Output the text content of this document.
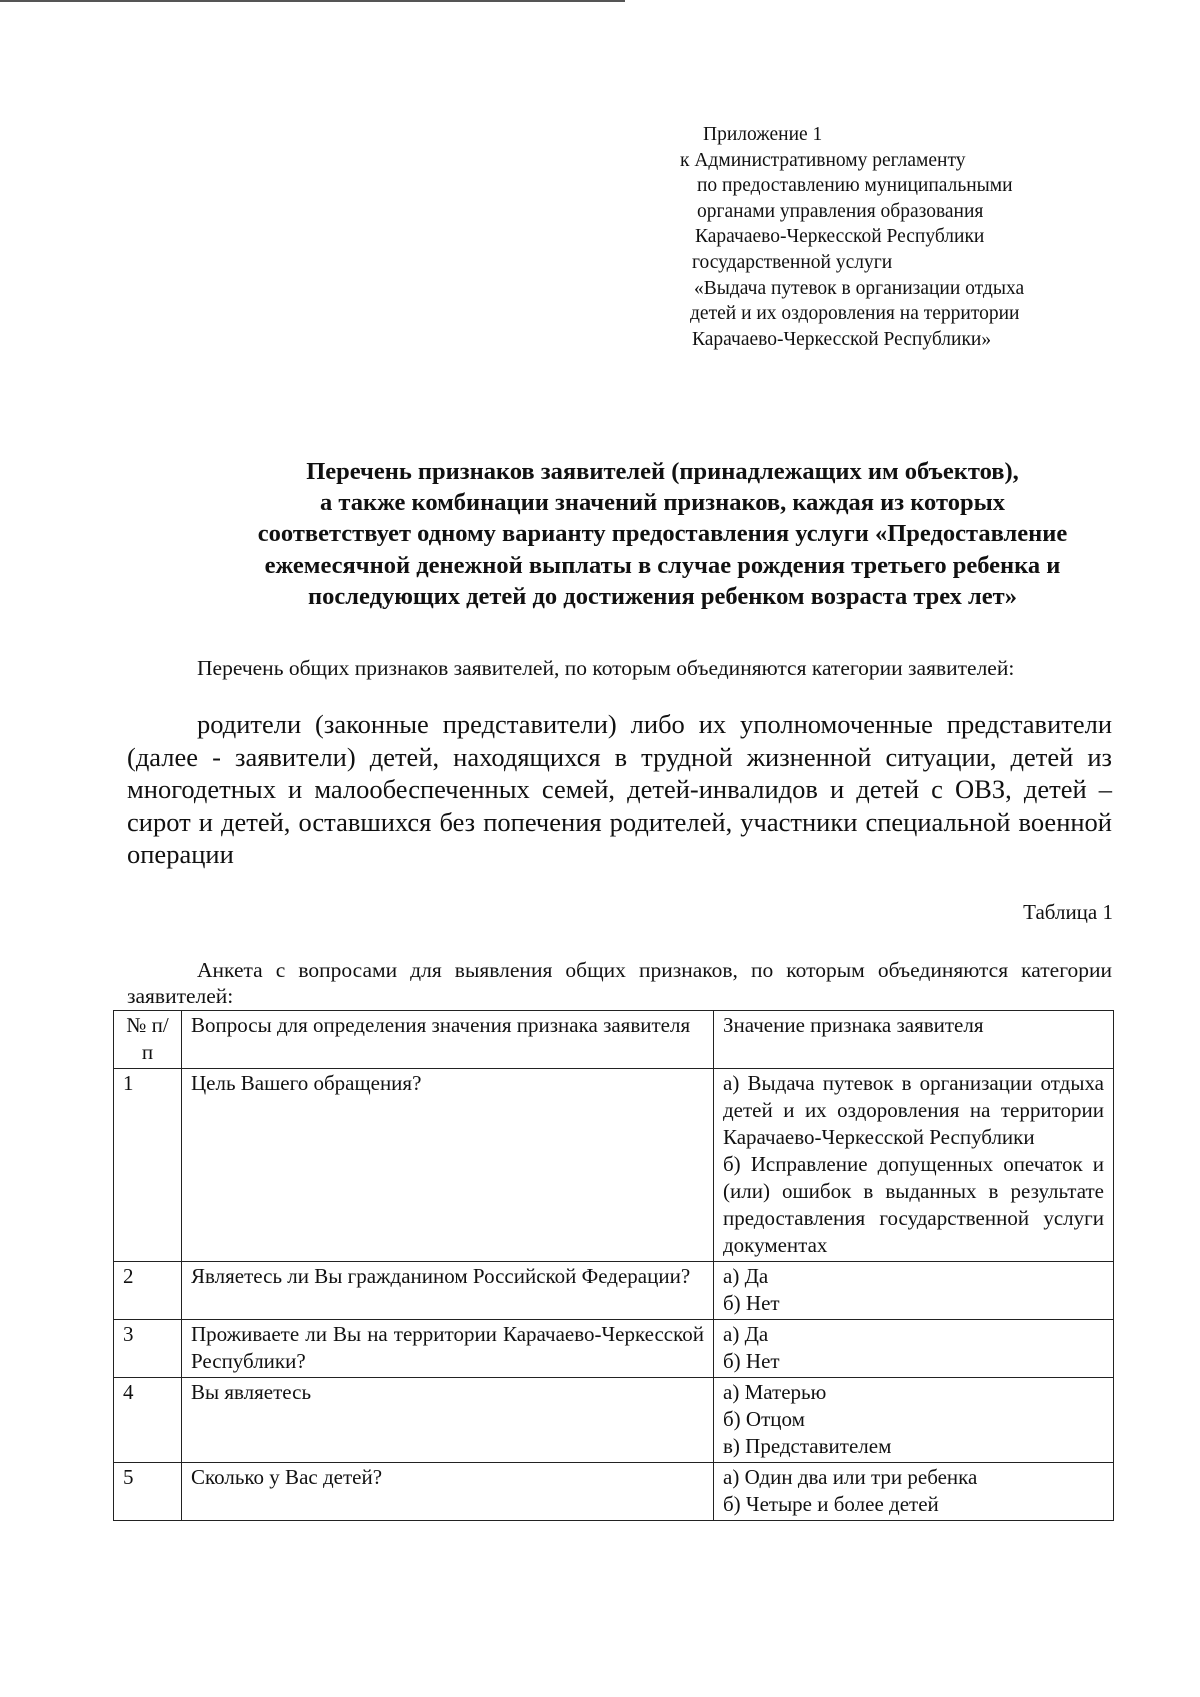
Приложение 1
к Административному регламенту
по предоставлению муниципальными
органами управления образования
Карачаево-Черкесской Республики
государственной услуги
«Выдача путевок в организации отдыха
детей и их оздоровления на территории
Карачаево-Черкесской Республики»
Перечень признаков заявителей (принадлежащих им объектов),
а также комбинации значений признаков, каждая из которых
соответствует одному варианту предоставления услуги «Предоставление
ежемесячной денежной выплаты в случае рождения третьего ребенка и
последующих детей до достижения ребенком возраста трех лет»
Перечень общих признаков заявителей, по которым объединяются категории заявителей:
родители (законные представители) либо их уполномоченные представители (далее - заявители) детей, находящихся в трудной жизненной ситуации, детей из многодетных и малообеспеченных семей, детей-инвалидов и детей с ОВЗ, детей –сирот и детей, оставшихся без попечения родителей, участники специальной военной операции
Таблица 1
Анкета с вопросами для выявления общих признаков, по которым объединяются категории заявителей:
№ п/п	Вопросы для определения значения признака заявителя	Значение признака заявителя
1	Цель Вашего обращения?	а) Выдача путевок в организации отдыха детей и их оздоровления на территории Карачаево-Черкесской Республики
б) Исправление допущенных опечаток и (или) ошибок в выданных в результате предоставления государственной услуги документах

2	Являетесь ли Вы гражданином Российской Федерации?	а) Да
б) Нет

3	Проживаете ли Вы на территории Карачаево-Черкесской Республики?	а) Да
б) Нет

4	Вы являетесь	а) Матерью
б) Отцом
в) Представителем

5	Сколько у Вас детей?	а) Один два или три ребенка
б) Четыре и более детей
